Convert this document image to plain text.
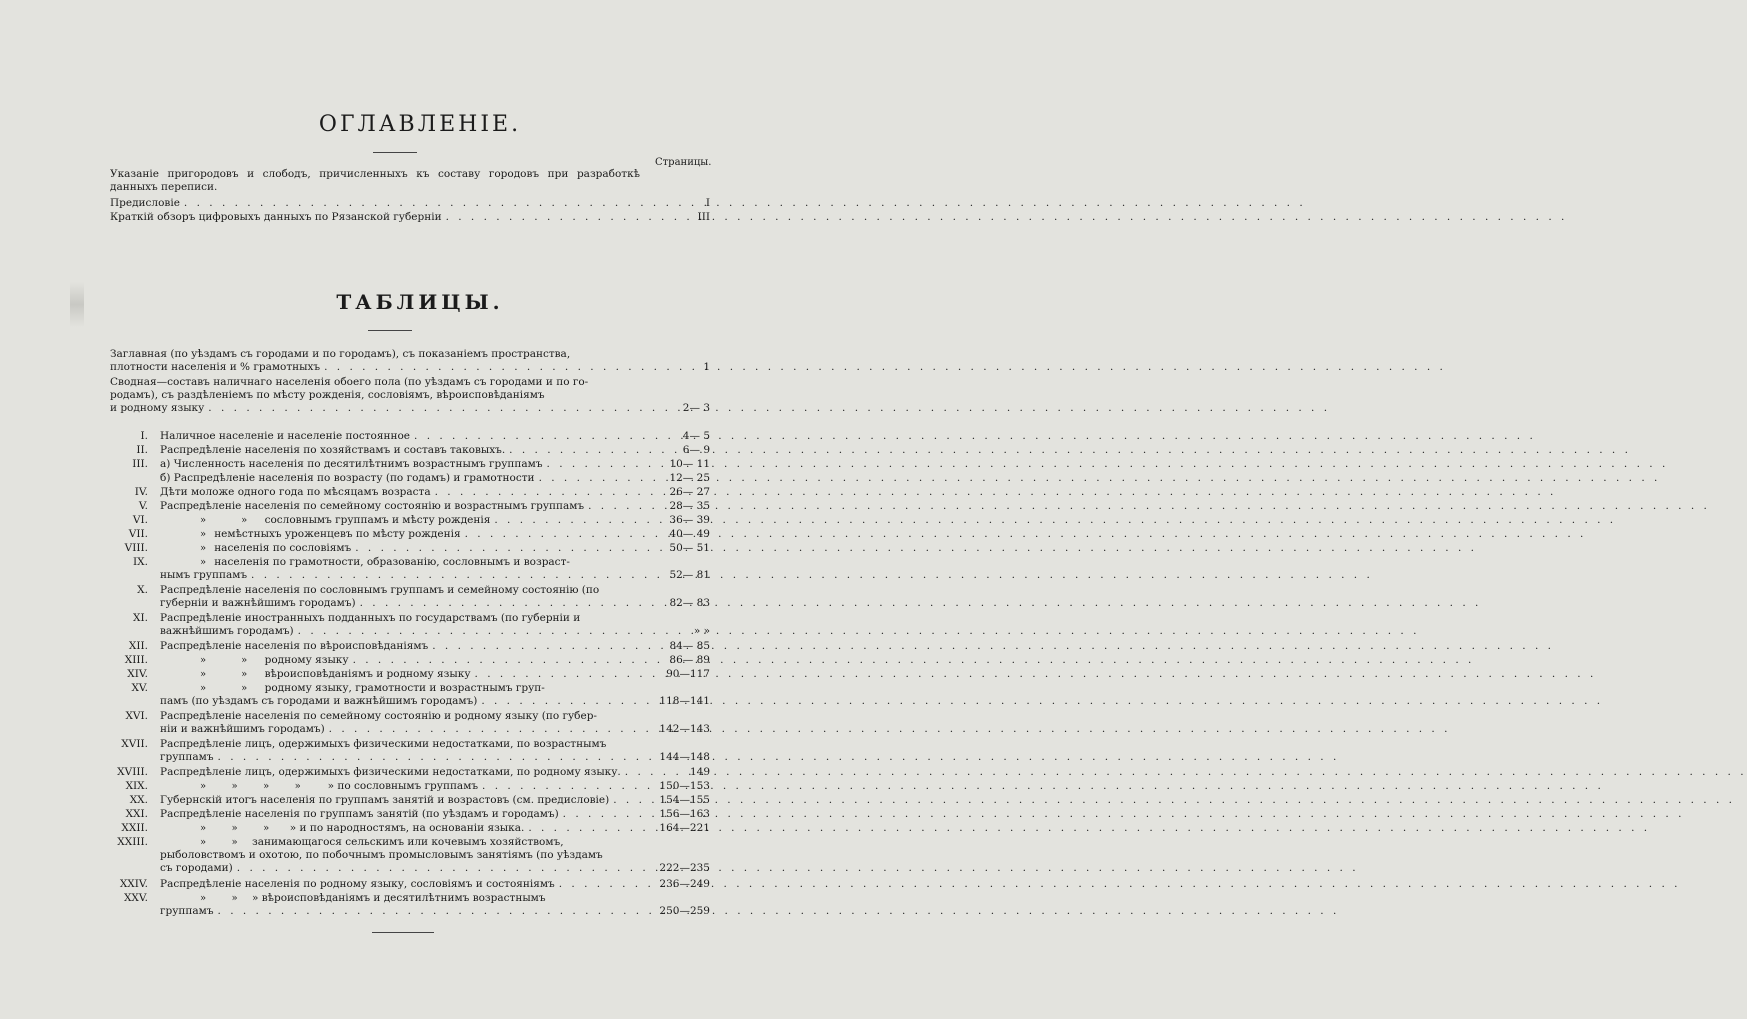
ОГЛАВЛЕНIЕ.
Страницы.
Указанiе пригородовъ и слободъ, причисленныхъ къ составу городовъ при разработкѣ данныхъ переписи.
Предисловiе . . .	I
Краткiй обзоръ цифровыхъ данныхъ по Рязанской губернiи . . .	III
ТАБЛИЦЫ.
Заглавная (по уѣздамъ съ городами и по городамъ), съ показанiемъ пространства,
плотности населенiя и % грамотныхъ . . .	1
Сводная—составъ наличнаго населенiя обоего пола (по уѣздамъ съ городами и по го-
родамъ), съ раздѣленiемъ по мѣсту рожденiя, сословiямъ, вѣроисповѣданiямъ
и родному языку . . .	2— 3
I. Наличное населенiе и населенiе постоянное . . .	4— 5
II. Распредѣленiе населенiя по хозяйствамъ и составъ таковыхъ. . . .	6— 9
III. а) Численность населенiя по десятилѣтнимъ возрастнымъ группамъ . . .	10— 11
б) Распредѣленiе населенiя по возрасту (по годамъ) и грамотности . . .	12— 25
IV. Дѣти моложе одного года по мѣсяцамъ возраста . . .	26— 27
V. Распредѣленiе населенiя по семейному состоянiю и возрастнымъ группамъ . . .	28— 35
VI.	»           » сословнымъ группамъ и мѣсту рожденiя . . .	36— 39
VII.	» немѣстныхъ уроженцевъ по мѣсту рожденiя . . .	40— 49
VIII.	» населенiя по сословiямъ . . .	50— 51
IX.	» населенiя по грамотности, образованiю, сословнымъ и возраст-
нымъ группамъ . . .	52— 81
X. Распредѣленiе населенiя по сословнымъ группамъ и семейному состоянiю (по
губернiи и важнѣйшимъ городамъ) . . .	82— 83
XI. Распредѣленiе иностранныхъ подданныхъ по государствамъ (по губернiи и
важнѣйшимъ городамъ) . . .	» »
XII. Распредѣленiе населенiя по вѣроисповѣданiямъ . . .	84— 85
XIII.	»           » родному языку . . .	86— 89
XIV.	»           » вѣроисповѣданiямъ и родному языку . . .	90—117
XV.	»           »	родному языку, грамотности и возрастнымъ груп-
памъ (по уѣздамъ съ городами и важнѣйшимъ городамъ) . . .	118—141
XVI. Распредѣленiе населенiя по семейному состоянiю и родному языку (по губер-
нiи и важнѣйшимъ городамъ) . . .	142—143
XVII. Распредѣленiе лицъ, одержимыхъ физическими недостатками, по возрастнымъ
группамъ . . .	144—148
XVIII. Распредѣленiе лицъ, одержимыхъ физическими недостатками, по родному языку. . . .	149
XIX.	»        »        »        »	» по сословнымъ группамъ . . .	150—153
XX. Губернскiй итогъ населенiя по группамъ занятiй и возрастовъ (см. предисловiе) . . .	154—155
XXI. Распредѣленiе населенiя по группамъ занятiй (по уѣздамъ и городамъ) . . .	156—163
XXII.	»        »        » » и по народностямъ, на основанiи языка. . . .	164—221
XXIII.	»        »	занимающагося сельскимъ или кочевымъ хозяйствомъ,
рыболовствомъ и охотою, по побочнымъ промысловымъ занятiямъ (по уѣздамъ
съ городами) . . .	222—235
XXIV. Распредѣленiе населенiя по родному языку, сословiямъ и состоянiямъ . . .	236—249
XXV.	»        »	» вѣроисповѣданiямъ и десятилѣтнимъ возрастнымъ
группамъ . . .	250—259
